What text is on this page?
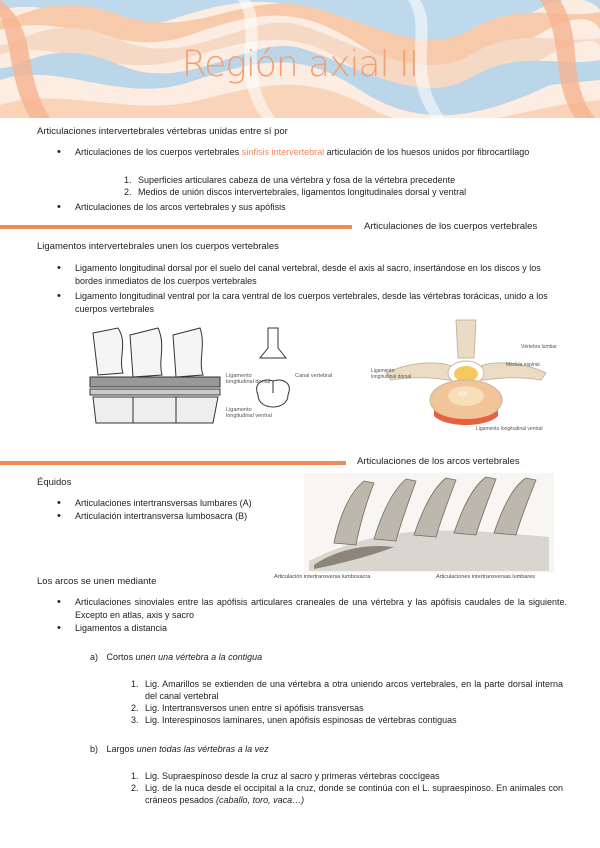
Región axial II
Articulaciones intervertebrales vértebras unidas entre sí por
• Articulaciones de los cuerpos vertebrales sínfisis intervertebral articulación de los huesos unidos por fibrocartílago
1. Superficies articulares cabeza de una vértebra y fosa de la vértebra precedente
2. Medios de unión discos intervertebrales, ligamentos longitudinales dorsal y ventral
• Articulaciones de los arcos vertebrales y sus apófisis
Articulaciones de los cuerpos vertebrales
Ligamentos intervertebrales unen los cuerpos vertebrales
• Ligamento longitudinal dorsal por el suelo del canal vertebral, desde el axis al sacro, insertándose en los discos y los bordes inmediatos de los cuerpos vertebrales
• Ligamento longitudinal ventral por la cara ventral de los cuerpos vertebrales, desde las vértebras torácicas, unido a los cuerpos vertebrales
Ligamento longitudinal dorsal
Canal vertebral
Ligamento longitudinal ventral
Vértebra lumbar
Médula espinal
Ligamento longitudinal dorsal
NP
Ligamento longitudinal ventral
Articulaciones de los arcos vertebrales
Équidos
• Articulaciones intertransversas lumbares (A)
• Articulación intertransversa lumbosacra (B)
Articulación intertransversa lumbosacra	Articulaciones intertransversas lumbares
Los arcos se unen mediante
• Articulaciones sinoviales entre las apófisis articulares craneales de una vértebra y las apófisis caudales de la siguiente. Excepto en atlas, axis y sacro
• Ligamentos a distancia
a) Cortos unen una vértebra a la contigua
1. Lig. Amarillos se extienden de una vértebra a otra uniendo arcos vertebrales, en la parte dorsal interna del canal vertebral
2. Lig. Intertransversos unen entre sí apófisis transversas
3. Lig. Interespinosos laminares, unen apófisis espinosas de vértebras contiguas
b) Largos unen todas las vértebras a la vez
1. Lig. Supraespinoso desde la cruz al sacro y primeras vértebras coccígeas
2. Lig. de la nuca desde el occipital a la cruz, donde se continúa con el L. supraespinoso. En animales con cráneos pesados (caballo, toro, vaca…)
